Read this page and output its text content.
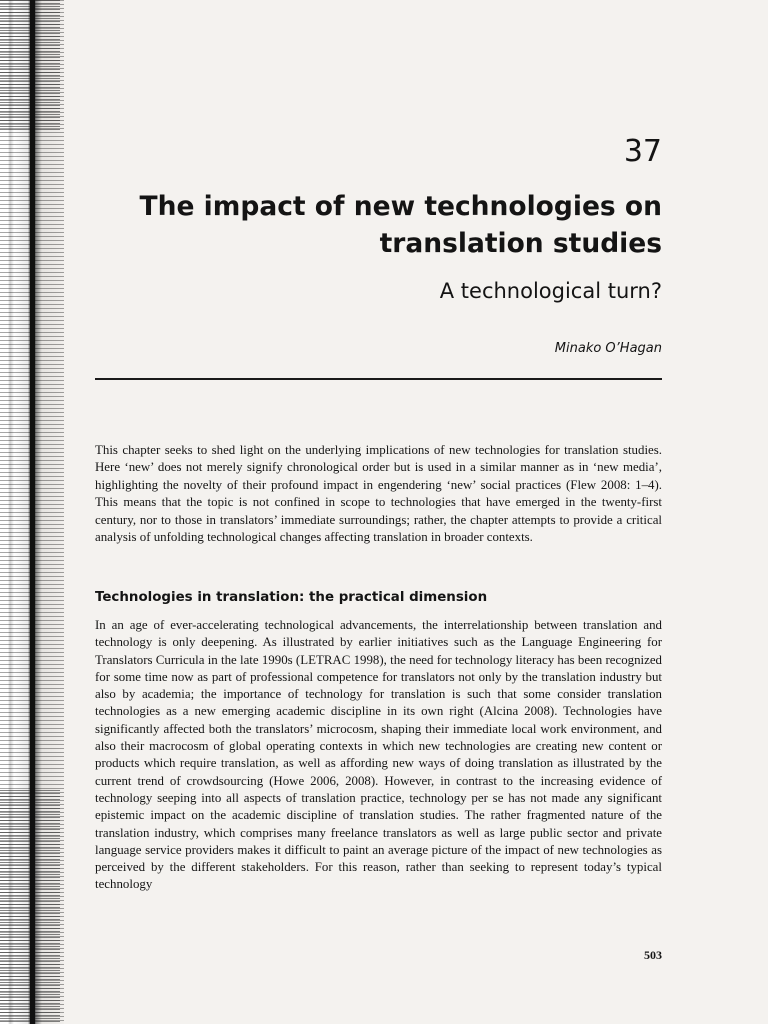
37
The impact of new technologies on translation studies
A technological turn?
Minako O’Hagan

This chapter seeks to shed light on the underlying implications of new technologies for translation studies. Here ‘new’ does not merely signify chronological order but is used in a similar manner as in ‘new media’, highlighting the novelty of their profound impact in engendering ‘new’ social practices (Flew 2008: 1–4). This means that the topic is not confined in scope to technologies that have emerged in the twenty-first century, nor to those in translators’ immediate surroundings; rather, the chapter attempts to provide a critical analysis of unfolding technological changes affecting translation in broader contexts.

Technologies in translation: the practical dimension

In an age of ever-accelerating technological advancements, the interrelationship between translation and technology is only deepening. As illustrated by earlier initiatives such as the Language Engineering for Translators Curricula in the late 1990s (LETRAC 1998), the need for technology literacy has been recognized for some time now as part of professional competence for translators not only by the translation industry but also by academia; the importance of technology for translation is such that some consider translation technologies as a new emerging academic discipline in its own right (Alcina 2008). Technologies have significantly affected both the translators’ microcosm, shaping their immediate local work environment, and also their macrocosm of global operating contexts in which new technologies are creating new content or products which require translation, as well as affording new ways of doing translation as illustrated by the current trend of crowdsourcing (Howe 2006, 2008). However, in contrast to the increasing evidence of technology seeping into all aspects of translation practice, technology per se has not made any significant epistemic impact on the academic discipline of translation studies. The rather fragmented nature of the translation industry, which comprises many freelance translators as well as large public sector and private language service providers makes it difficult to paint an average picture of the impact of new technologies as perceived by the different stakeholders. For this reason, rather than seeking to represent today’s typical technology

503
